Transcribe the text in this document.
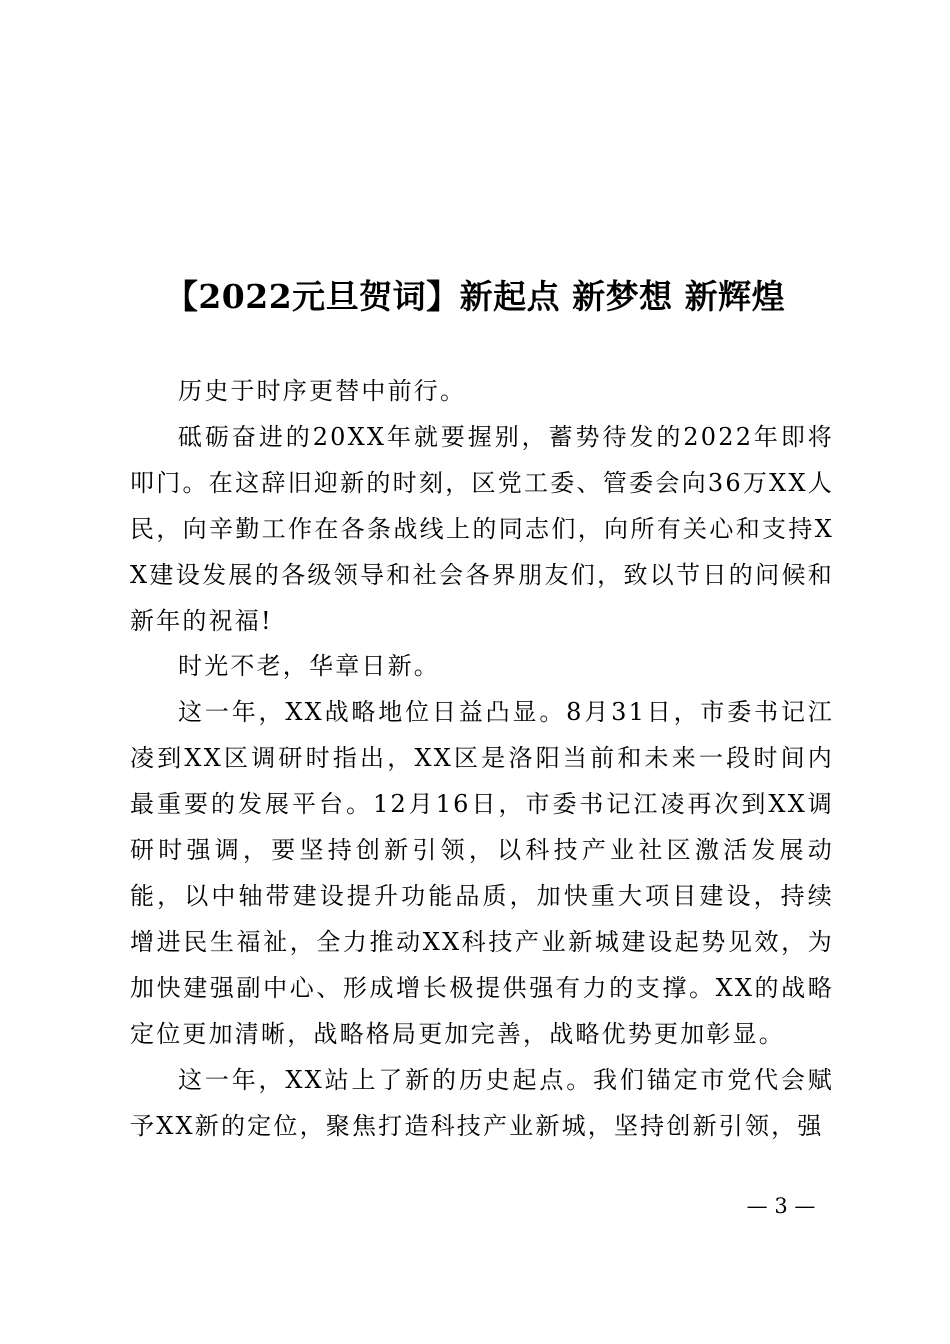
【2022元旦贺词】新起点 新梦想 新辉煌

历史于时序更替中前行。

砥砺奋进的20XX年就要握别，蓄势待发的2022年即将叩门。在这辞旧迎新的时刻，区党工委、管委会向36万XX人民，向辛勤工作在各条战线上的同志们，向所有关心和支持XX建设发展的各级领导和社会各界朋友们，致以节日的问候和新年的祝福!

时光不老，华章日新。

这一年，XX战略地位日益凸显。8月31日，市委书记江凌到XX区调研时指出，XX区是洛阳当前和未来一段时间内最重要的发展平台。12月16日，市委书记江凌再次到XX调研时强调，要坚持创新引领，以科技产业社区激活发展动能，以中轴带建设提升功能品质，加快重大项目建设，持续增进民生福祉，全力推动XX科技产业新城建设起势见效，为加快建强副中心、形成增长极提供强有力的支撑。XX的战略定位更加清晰，战略格局更加完善，战略优势更加彰显。

这一年，XX站上了新的历史起点。我们锚定市党代会赋予XX新的定位，聚焦打造科技产业新城，坚持创新引领，强

— 3 —
